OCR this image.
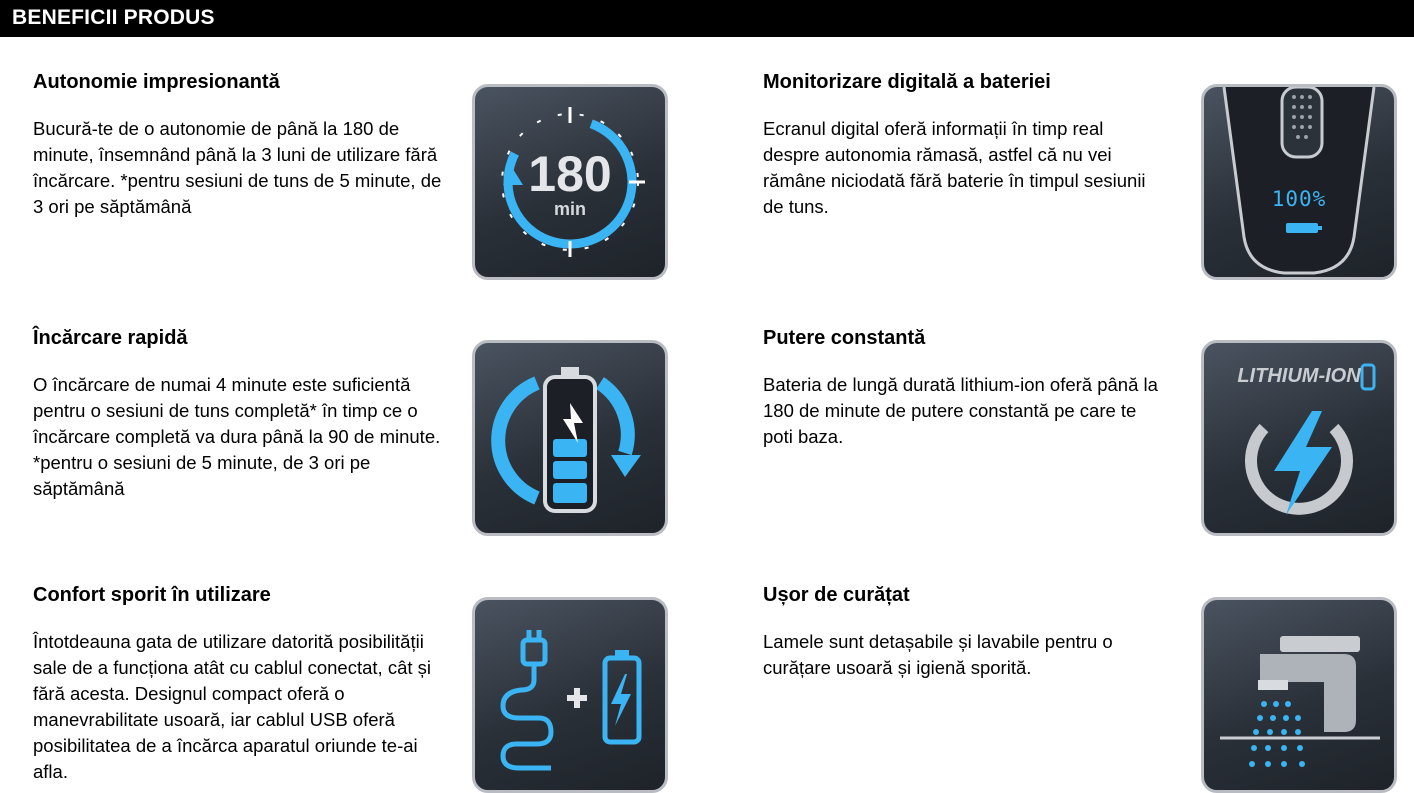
BENEFICII PRODUS
Autonomie impresionantă

Bucură-te de o autonomie de până la 180 de minute, însemnând până la 3 luni de utilizare fără încărcare. *pentru sesiuni de tuns de 5 minute, de 3 ori pe săptămână

180
min
Monitorizare digitală a bateriei

Ecranul digital oferă informații în timp real despre autonomia rămasă, astfel că nu vei rămâne niciodată fără baterie în timpul sesiunii de tuns.	100%
Încărcare rapidă

O încărcare de numai 4 minute este suficientă pentru o sesiuni de tuns completă* în timp ce o încărcare completă va dura până la 90 de minute. *pentru o sesiuni de 5 minute, de 3 ori pe săptămână

Putere constantă

Bateria de lungă durată lithium-ion oferă până la 180 de minute de putere constantă pe care te poti baza.

LITHIUM-ION
Confort sporit în utilizare

Întotdeauna gata de utilizare datorită posibilității sale de a funcționa atât cu cablul conectat, cât și fără acesta. Designul compact oferă o manevrabilitate usoară, iar cablul USB oferă posibilitatea de a încărca aparatul oriunde te-ai afla.

Ușor de curățat

Lamele sunt detașabile și lavabile pentru o curățare usoară și igienă sporită.
